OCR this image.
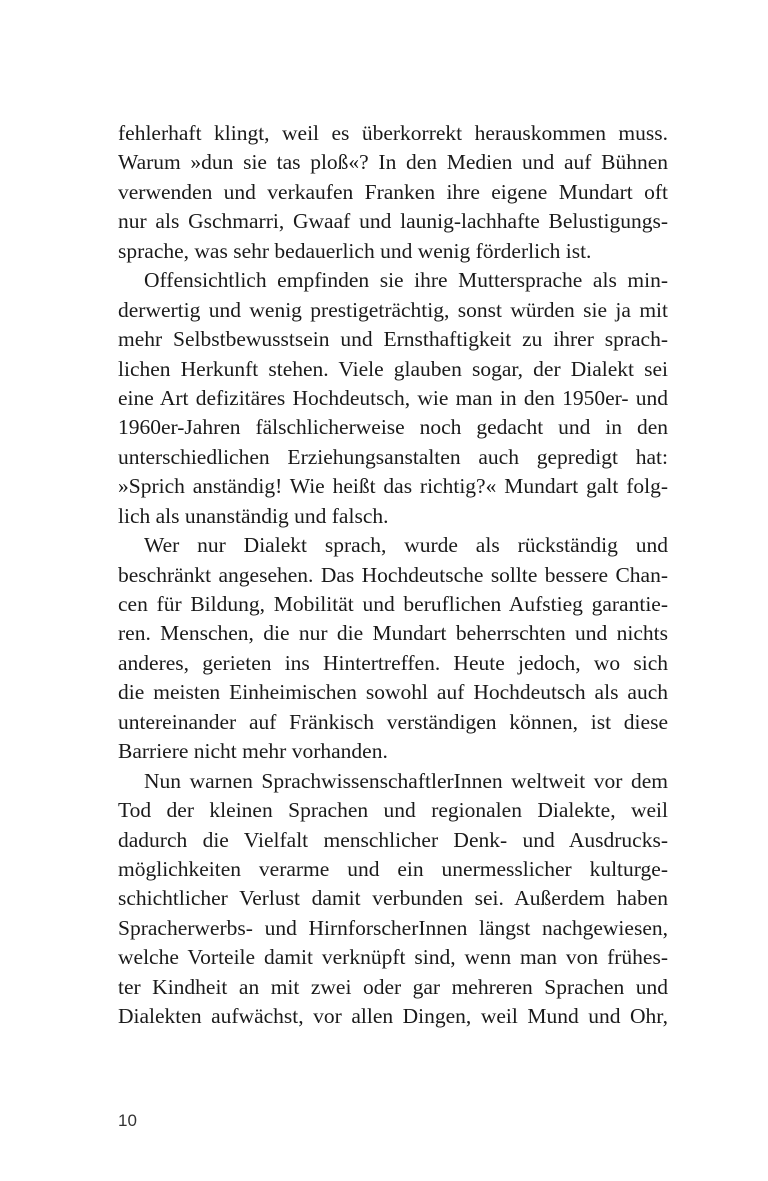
fehlerhaft klingt, weil es überkorrekt herauskommen muss.
Warum »dun sie tas ploß«? In den Medien und auf Bühnen
verwenden und verkaufen Franken ihre eigene Mundart oft
nur als Gschmarri, Gwaaf und launig-lachhafte Belustigungs-
sprache, was sehr bedauerlich und wenig förderlich ist.
Offensichtlich empfinden sie ihre Muttersprache als min-
derwertig und wenig prestigeträchtig, sonst würden sie ja mit
mehr Selbstbewusstsein und Ernsthaftigkeit zu ihrer sprach-
lichen Herkunft stehen. Viele glauben sogar, der Dialekt sei
eine Art defizitäres Hochdeutsch, wie man in den 1950er- und
1960er-Jahren fälschlicherweise noch gedacht und in den
unterschiedlichen Erziehungsanstalten auch gepredigt hat:
»Sprich anständig! Wie heißt das richtig?« Mundart galt folg-
lich als unanständig und falsch.
Wer nur Dialekt sprach, wurde als rückständig und
beschränkt angesehen. Das Hochdeutsche sollte bessere Chan-
cen für Bildung, Mobilität und beruflichen Aufstieg garantie-
ren. Menschen, die nur die Mundart beherrschten und nichts
anderes, gerieten ins Hintertreffen. Heute jedoch, wo sich
die meisten Einheimischen sowohl auf Hochdeutsch als auch
untereinander auf Fränkisch verständigen können, ist diese
Barriere nicht mehr vorhanden.
Nun warnen SprachwissenschaftlerInnen weltweit vor dem
Tod der kleinen Sprachen und regionalen Dialekte, weil
dadurch die Vielfalt menschlicher Denk- und Ausdrucks-
möglichkeiten verarme und ein unermesslicher kulturge-
schichtlicher Verlust damit verbunden sei. Außerdem haben
Spracherwerbs- und HirnforscherInnen längst nachgewiesen,
welche Vorteile damit verknüpft sind, wenn man von frühes-
ter Kindheit an mit zwei oder gar mehreren Sprachen und
Dialekten aufwächst, vor allen Dingen, weil Mund und Ohr,
10
